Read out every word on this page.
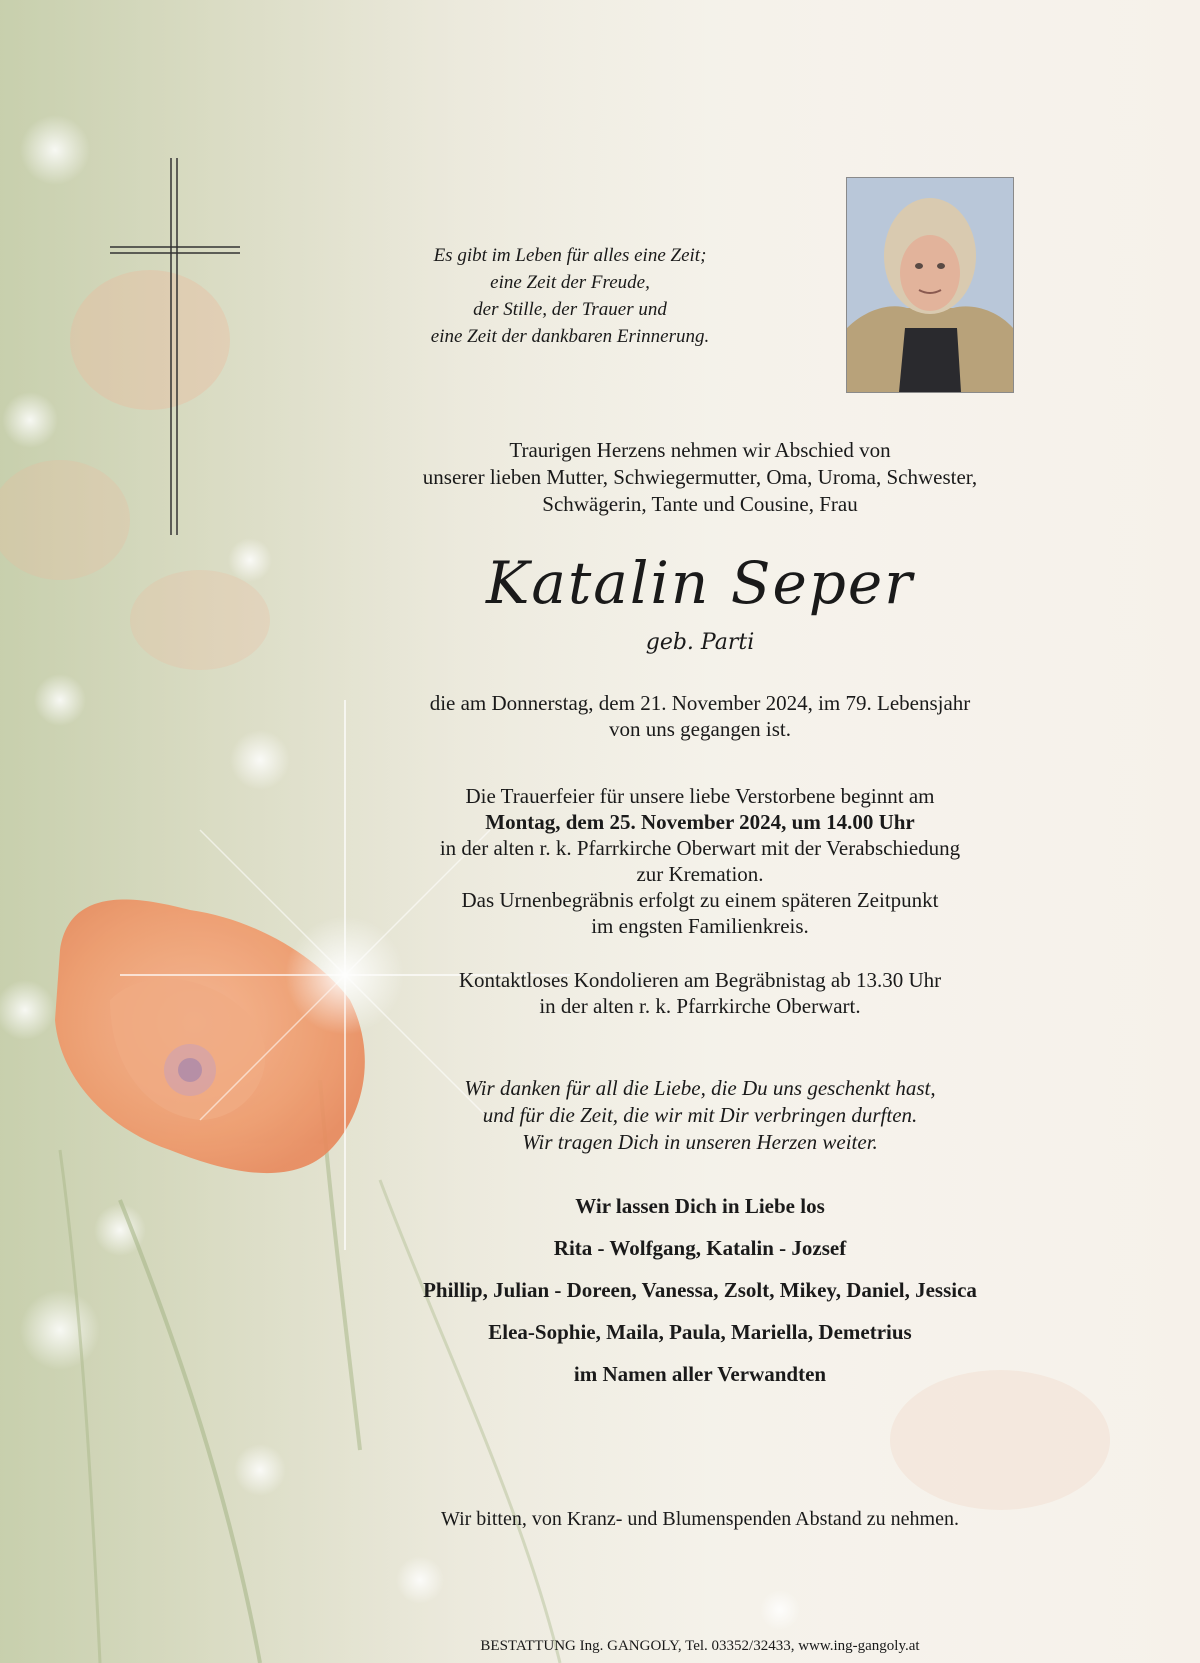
Es gibt im Leben für alles eine Zeit;
eine Zeit der Freude,
der Stille, der Trauer und
eine Zeit der dankbaren Erinnerung.
Traurigen Herzens nehmen wir Abschied von
unserer lieben Mutter, Schwiegermutter, Oma, Uroma, Schwester,
Schwägerin, Tante und Cousine, Frau
Katalin Seper
geb. Parti
die am Donnerstag, dem 21. November 2024, im 79. Lebensjahr
von uns gegangen ist.
Die Trauerfeier für unsere liebe Verstorbene beginnt am
Montag, dem 25. November 2024, um 14.00 Uhr
in der alten r. k. Pfarrkirche Oberwart mit der Verabschiedung
zur Kremation.
Das Urnenbegräbnis erfolgt zu einem späteren Zeitpunkt
im engsten Familienkreis.
Kontaktloses Kondolieren am Begräbnistag ab 13.30 Uhr
in der alten r. k. Pfarrkirche Oberwart.
Wir danken für all die Liebe, die Du uns geschenkt hast,
und für die Zeit, die wir mit Dir verbringen durften.
Wir tragen Dich in unseren Herzen weiter.
Wir lassen Dich in Liebe los
Rita - Wolfgang, Katalin - Jozsef
Phillip, Julian - Doreen, Vanessa, Zsolt, Mikey, Daniel, Jessica
Elea-Sophie, Maila, Paula, Mariella, Demetrius
im Namen aller Verwandten
Wir bitten, von Kranz- und Blumenspenden Abstand zu nehmen.
BESTATTUNG Ing. GANGOLY, Tel. 03352/32433, www.ing-gangoly.at
